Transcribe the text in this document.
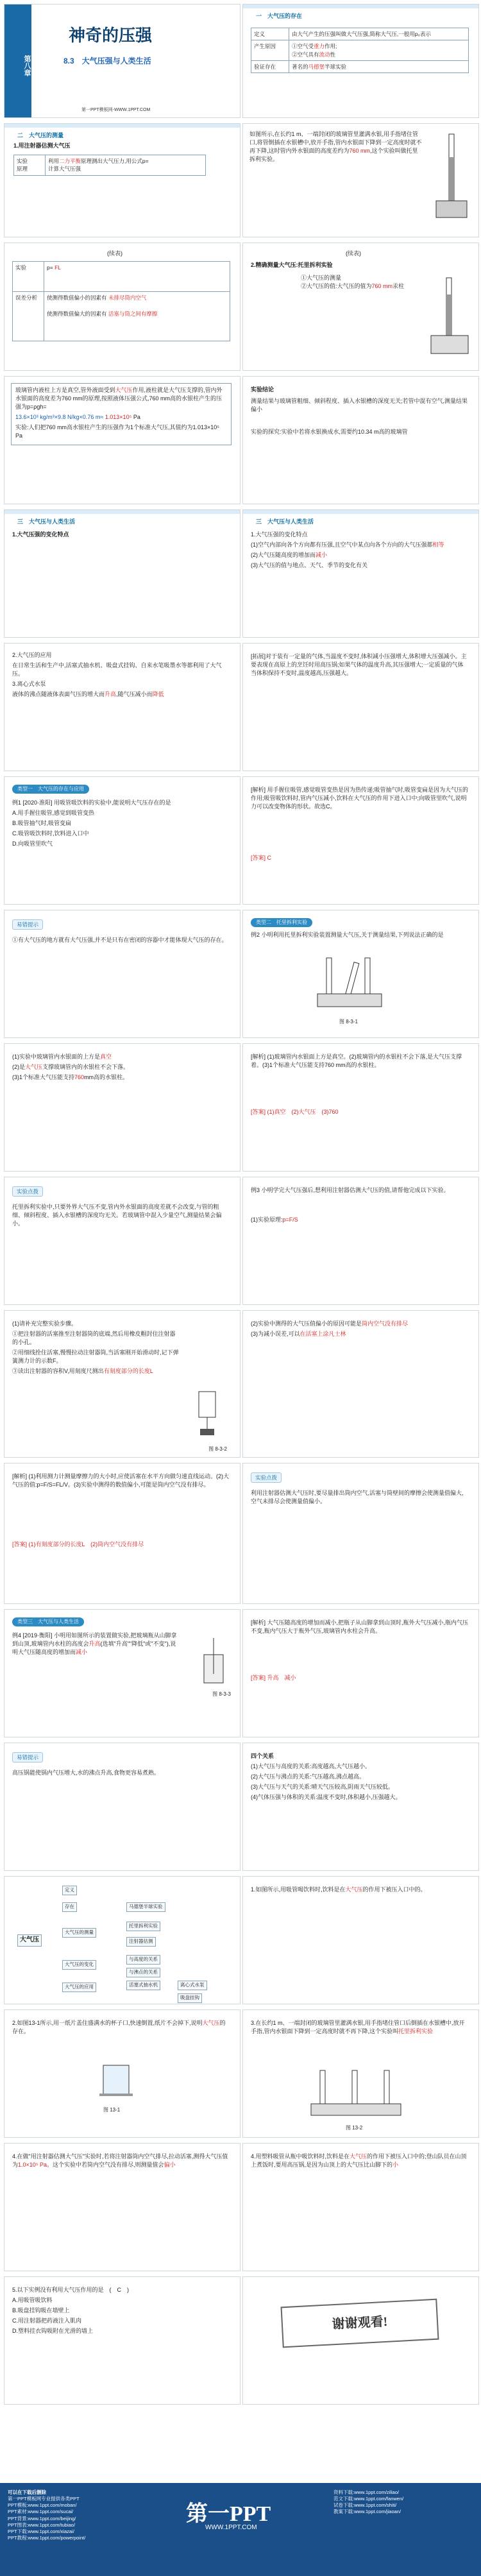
第八章
神奇的压强
8.3　大气压强与人类生活
第一PPT模板网-WWW.1PPT.COM
一　大气压的存在
定义	由大气产生的压强叫做大气压强,简称大气压,一般用p₀表示
产生原因	①空气受重力作用;
②空气具有流动性
验证存在	著名的马德堡半球实验
二　大气压的测量
1.用注射器估测大气压
实验
原理	利用二力平衡原理测出大气压力,用公式p=
计算大气压强
如图所示,在长约1 m、一端封闭的玻璃管里灌满水银,用手指堵住管口,将管倒插在水银槽中,放开手指,管内水银面下降到一定高度时就不再下降,这时管内外水银面的高度差约为760 mm,这个实验叫做托里拆利实验。
(续表)
实验	p= FL
误差分析	使测得数值偏小的因素有 未排尽筒内空气

使测得数值偏大的因素有 活塞与筒之间有摩擦
(续表)
2.精确测量大气压:托里拆利实验
①大气压的测量
②大气压的值:大气压的值为760 mm汞柱

玻璃管内液柱上方是真空,管外液面受到大气压作用,液柱就是大气压支撑的,管内外水银面的高度差为760 mm的原理,按照液体压强公式,760 mm高的水银柱产生的压强为p=ρgh=

13.6×10³ kg/m³×9.8 N/kg×0.76 m≈ 1.013×10⁵ Pa

实验:人们把760 mm高水银柱产生的压强作为1个标准大气压,其值约为1.013×10⁵ Pa

实验结论
测量结果与玻璃管粗细、倾斜程度、插入水银槽的深度无关;若管中混有空气,测量结果偏小
实验的探究:实验中若将水银换成水,需要约10.34 m高的玻璃管
三　大气压与人类生活
1.大气压强的变化特点
三　大气压与人类生活

1.大气压强的变化特点

(1)空气内部向各个方向都有压强,且空气中某点向各个方向的大气压强都相等

(2)大气压随高度的增加而减小

(3)大气压的值与地点、天气、季节的变化有关

2.大气压的应用

在日常生活和生产中,活塞式抽水机、吸盘式挂钩、自来水笔吸墨水等都利用了大气压。

3.离心式水泵

液体的沸点随液体表面气压的增大而升高,随气压减小而降低

[拓展]对于装有一定量的气体,当温度不变时,体积减小压强增大,体积增大压强减小。主要表现在高原上的烹饪时用高压锅;如果气体的温度升高,其压强增大;一定质量的气体当体积保持不变时,温度越高,压强越大。
类型一　大气压的存在与应用

例1 [2020·淮阳] 用吸管吸饮料的实验中,能说明大气压存在的是

A.用手握住吸管,感觉到吸管变热

B.吸管抽气时,吸管变扁

C.吸管吸饮料时,饮料进入口中

D.向吸管里吹气

[解析] 用手握住吸管,感觉吸管变热是因为热传递;吸管抽气时,吸管变扁是因为大气压的作用;吸管吸饮料时,管内气压减小,饮料在大气压的作用下进入口中;向吸管里吹气,说明力可以改变物体的形状。故选C。
[答案] C
易错提示
①有大气压的地方就有大气压强,并不是只有在密闭的容器中才能体现大气压的存在。
类型二　托里拆利实验
例2 小明利用托里拆利实验装置测量大气压,关于测量结果,下列说法正确的是
图 8-3-1

(1)实验中玻璃管内水银面的上方是真空

(2)是大气压支撑玻璃管内的水银柱不会下落。

(3)1个标准大气压能支持760mm高的水银柱。

[解析] (1)玻璃管内水银面上方是真空。(2)玻璃管内的水银柱不会下落,是大气压支撑着。(3)1个标准大气压能支持760 mm高的水银柱。
[答案] (1)真空　(2)大气压　(3)760
实验点拨
托里拆利实验中,只要外界大气压不变,管内外水银面的高度差就不会改变,与管的粗细、倾斜程度、插入水银槽的深度均无关。若玻璃管中混入少量空气,测量结果会偏小。
例3 小明学完大气压强后,想利用注射器估测大气压的值,请帮他完成以下实验。
(1)实验原理:p=F/S

(1)请补充完整实验步骤。

①把注射器的活塞推至注射器筒的底端,然后用橡皮帽封住注射器的小孔。

②用细线拴住活塞,慢慢拉动注射器筒,当活塞刚开始滑动时,记下弹簧测力计的示数F。

③读出注射器的容积V,用刻度尺测出有刻度部分的长度L

图 8-3-2

(2)实验中测得的大气压值偏小的原因可能是筒内空气没有排尽

(3)为减小误差,可以在活塞上涂凡士林

[解析] (1)利用测力计测量摩擦力的大小时,应使活塞在水平方向做匀速直线运动。(2)大气压的值:p=F/S=FL/V。(3)实验中测得的数值偏小,可能是筒内空气没有排尽。
[答案] (1)有刻度部分的长度L　(2)筒内空气没有排尽
实验点拨
利用注射器估测大气压时,要尽量排出筒内空气,活塞与筒壁间的摩擦会使测量值偏大,空气未排尽会使测量值偏小。
类型三　大气压与人类生活
例4 [2019·衡阳] 小明用如图所示的装置做实验,把玻璃瓶从山脚拿到山顶,玻璃管内水柱的高度会升高(选填"升高""降低"或"不变"),说明大气压随高度的增加而减小
图 8-3-3
[解析] 大气压随高度的增加而减小,把瓶子从山脚拿到山顶时,瓶外大气压减小,瓶内气压不变,瓶内气压大于瓶外气压,玻璃管内水柱会升高。
[答案] 升高　减小
易错提示
高压锅能使锅内气压增大,水的沸点升高,食物更容易煮熟。

四个关系

(1)大气压与高度的关系:高度越高,大气压越小。

(2)大气压与沸点的关系:气压越高,沸点越高。

(3)大气压与天气的关系:晴天气压较高,阴雨天气压较低。

(4)气体压强与体积的关系:温度不变时,体积越小,压强越大。

大气压
定义
存在
大气压的测量
大气压的变化
大气压的应用
马德堡半球实验
托里拆利实验
注射器估测
与高度的关系
与沸点的关系
活塞式抽水机	离心式水泵
吸盘挂钩
1.如图所示,用吸管喝饮料时,饮料是在大气压的作用下被压入口中的。
2.如图13-1所示,用一纸片盖住盛满水的杯子口,快速倒置,纸片不会掉下,说明大气压的存在。
图 13-1
3.在长约1 m、一端封闭的玻璃管里灌满水银,用手指堵住管口后倒插在水银槽中,放开手指,管内水银面下降到一定高度时就不再下降,这个实验叫托里拆利实验
图 13-2
4.在做"用注射器估测大气压"实验时,若将注射器筒内空气排尽,拉动活塞,测得大气压值为1.0×10⁵ Pa。这个实验中若筒内空气没有排尽,则测量值会偏小
4.用塑料吸管从瓶中吸饮料时,饮料是在大气压的作用下被压入口中的;登山队员在山顶上煮饭时,要用高压锅,是因为山顶上的大气压比山脚下的小

5.以下实例没有利用大气压作用的是　(　C　)

A.用吸管吸饮料

B.吸盘挂钩吸在墙壁上

C.用注射器把药液注入肌肉

D.塑料挂衣钩吸附在光滑的墙上	谢谢观看!
第一PPT
WWW.1PPT.COM
可以在下载后删除
第一PPT模板网专业提供各类PPT
PPT模板:www.1ppt.com/moban/
PPT素材:www.1ppt.com/sucai/
PPT背景:www.1ppt.com/beijing/
PPT图表:www.1ppt.com/tubiao/
PPT下载:www.1ppt.com/xiazai/
PPT教程:www.1ppt.com/powerpoint/
资料下载:www.1ppt.com/ziliao/
范文下载:www.1ppt.com/fanwen/
试卷下载:www.1ppt.com/shiti/
教案下载:www.1ppt.com/jiaoan/
